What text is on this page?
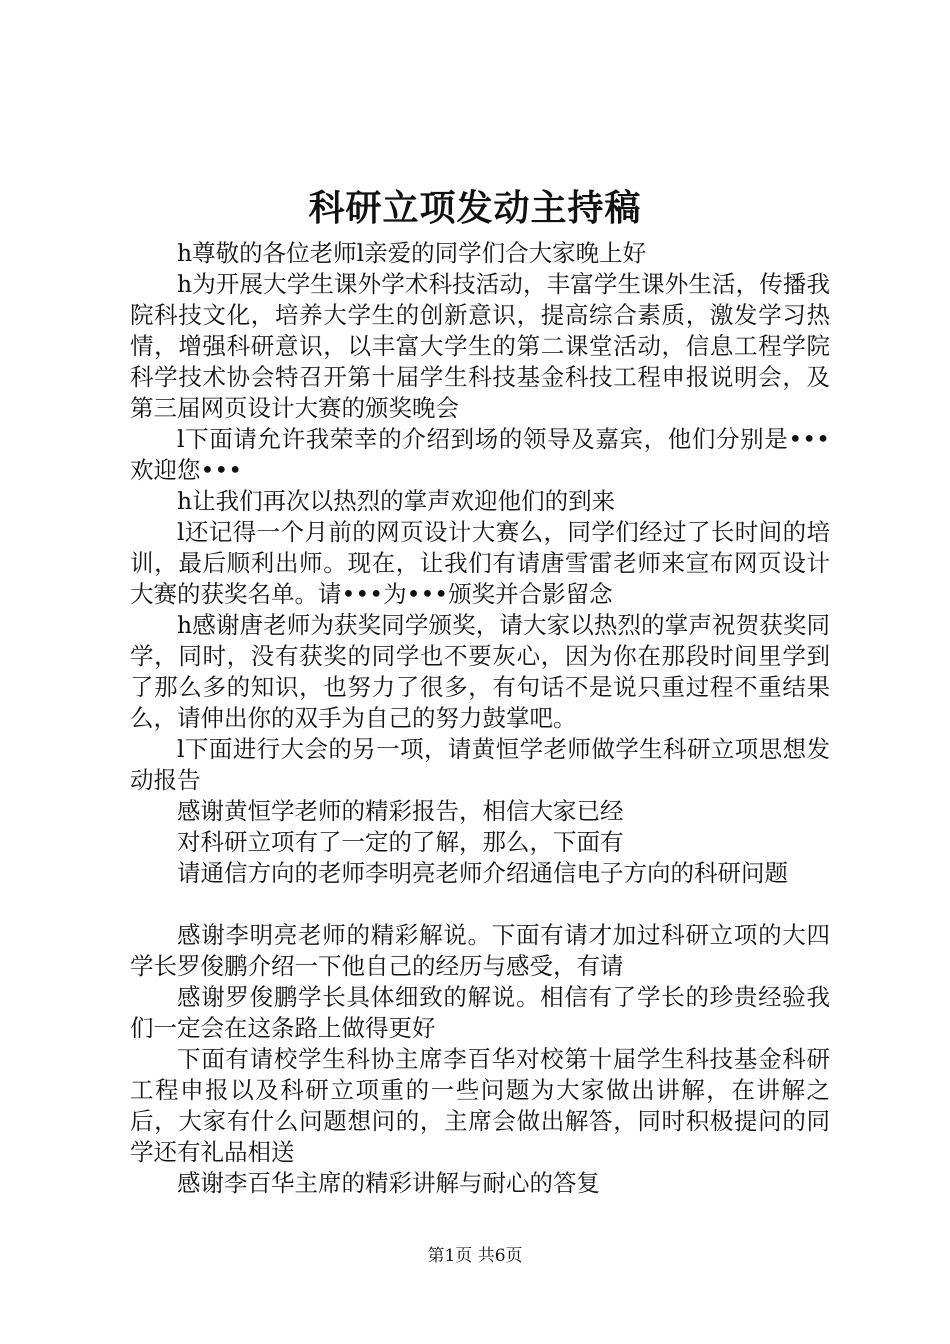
科研立项发动主持稿

h尊敬的各位老师l亲爱的同学们合大家晚上好

h为开展大学生课外学术科技活动，丰富学生课外生活，传播我院科技文化，培养大学生的创新意识，提高综合素质，激发学习热情，增强科研意识，以丰富大学生的第二课堂活动，信息工程学院科学技术协会特召开第十届学生科技基金科技工程申报说明会，及第三届网页设计大赛的颁奖晚会

l下面请允许我荣幸的介绍到场的领导及嘉宾，他们分别是•••欢迎您•••

h让我们再次以热烈的掌声欢迎他们的到来

l还记得一个月前的网页设计大赛么，同学们经过了长时间的培训，最后顺利出师。现在，让我们有请唐雪雷老师来宣布网页设计大赛的获奖名单。请•••为•••颁奖并合影留念

h感谢唐老师为获奖同学颁奖，请大家以热烈的掌声祝贺获奖同学，同时，没有获奖的同学也不要灰心，因为你在那段时间里学到了那么多的知识，也努力了很多，有句话不是说只重过程不重结果么，请伸出你的双手为自己的努力鼓掌吧。

l下面进行大会的另一项，请黄恒学老师做学生科研立项思想发动报告

感谢黄恒学老师的精彩报告，相信大家已经

对科研立项有了一定的了解，那么，下面有

请通信方向的老师李明亮老师介绍通信电子方向的科研问题

感谢李明亮老师的精彩解说。下面有请才加过科研立项的大四学长罗俊鹏介绍一下他自己的经历与感受，有请

感谢罗俊鹏学长具体细致的解说。相信有了学长的珍贵经验我们一定会在这条路上做得更好

下面有请校学生科协主席李百华对校第十届学生科技基金科研工程申报以及科研立项重的一些问题为大家做出讲解，在讲解之后，大家有什么问题想问的，主席会做出解答，同时积极提问的同学还有礼品相送

感谢李百华主席的精彩讲解与耐心的答复

第1页 共6页
